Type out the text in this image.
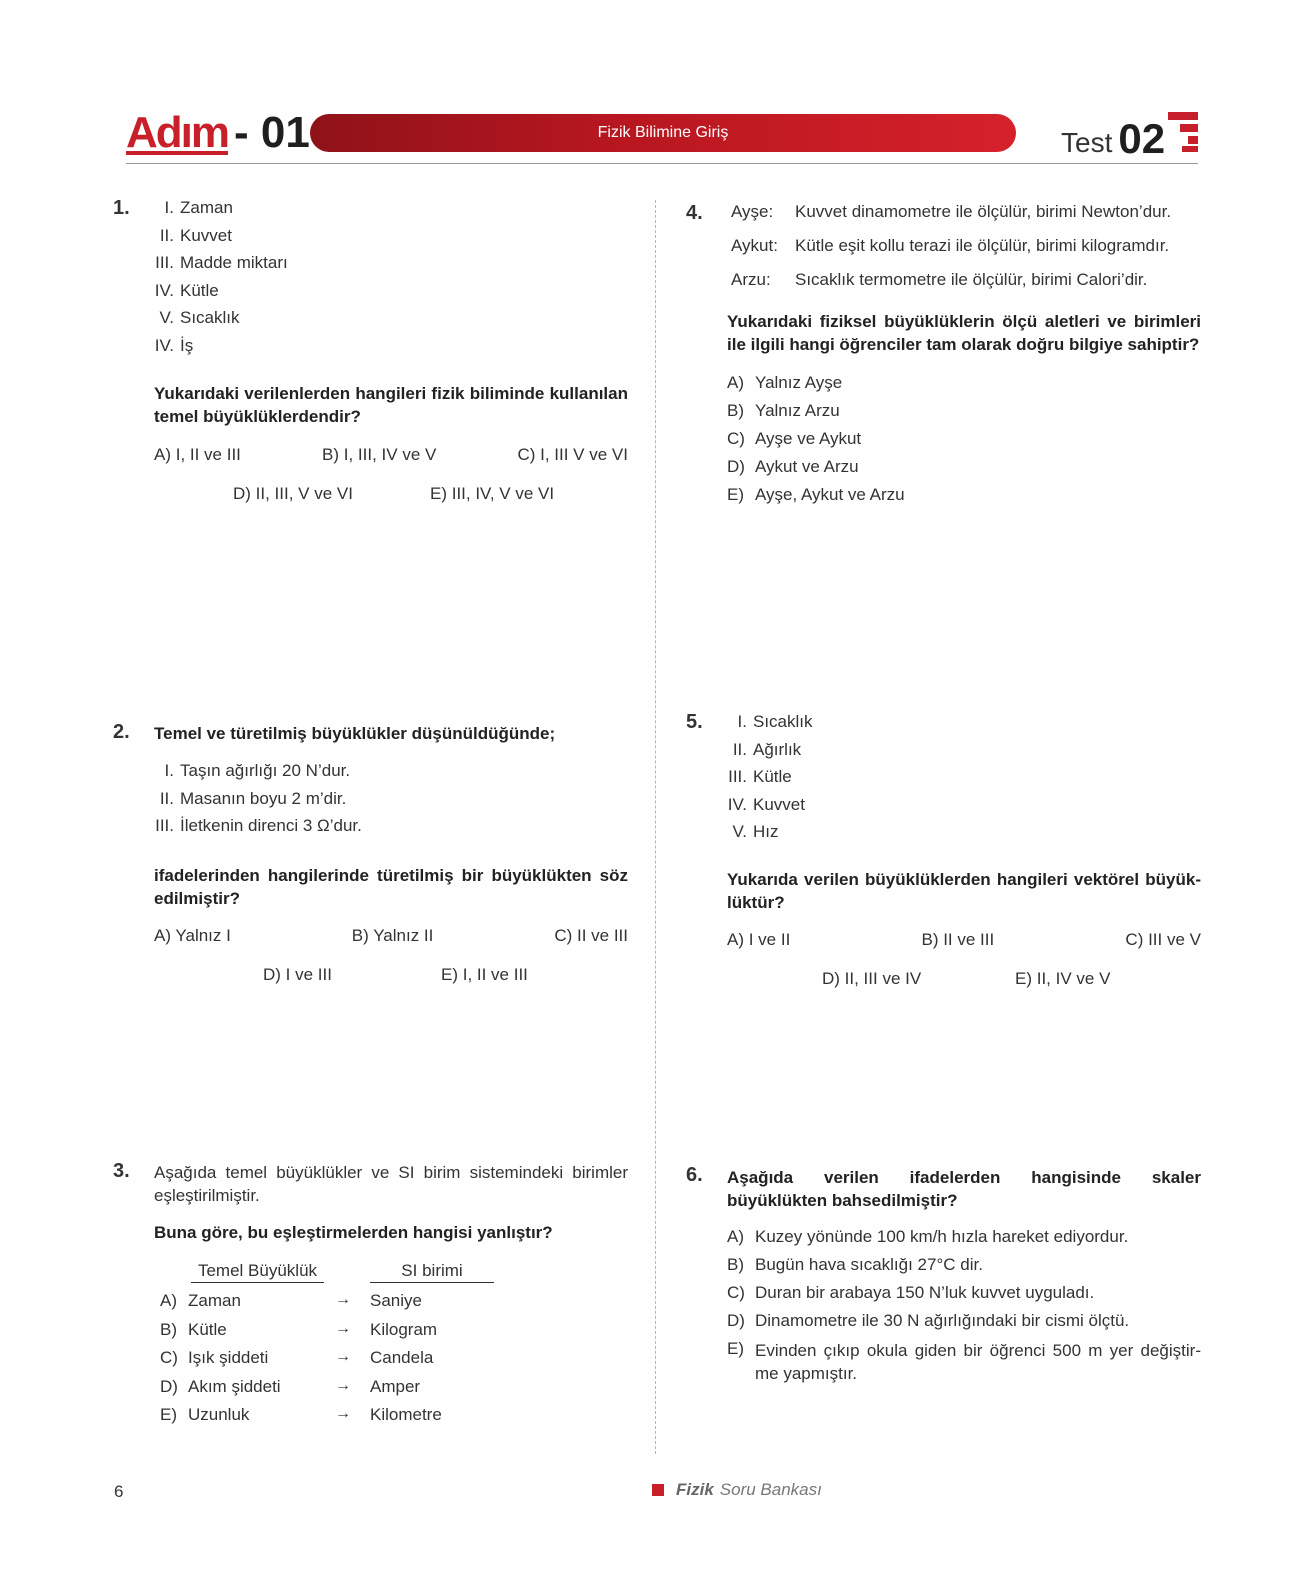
Adım - 01	Fizik Bilimine Giriş	Test 02
1.	I. Zaman
II. Kuvvet
III. Madde miktarı
IV. Kütle
V. Sıcaklık
IV. İş
Yukarıdaki verilenlerden hangileri fizik biliminde kullanılan temel büyüklüklerdendir?
A) I, II ve III	B) I, III, IV ve V	C) I, III V ve VI
D) II, III, V ve VI	E) III, IV, V ve VI
2. Temel ve türetilmiş büyüklükler düşünüldüğünde;
I. Taşın ağırlığı 20 N’dur.
II. Masanın boyu 2 m’dir.
III. İletkenin direnci 3 Ω’dur.
ifadelerinden hangilerinde türetilmiş bir büyüklükten söz edilmiştir?
A) Yalnız I	B) Yalnız II	C) II ve III
D) I ve III	E) I, II ve III
3. Aşağıda temel büyüklükler ve SI birim sistemindeki birimler eşleştirilmiştir.
Buna göre, bu eşleştirmelerden hangisi yanlıştır?
Temel Büyüklük	SI birimi
A) Zaman	→ Saniye
B) Kütle	→ Kilogram
C) Işık şiddeti	→ Candela
D) Akım şiddeti	→ Amper
E) Uzunluk	→ Kilometre
4. Ayşe: Kuvvet dinamometre ile ölçülür, birimi Newton’dur.
Aykut: Kütle eşit kollu terazi ile ölçülür, birimi kilogramdır.
Arzu: Sıcaklık termometre ile ölçülür, birimi Calori’dir.
Yukarıdaki fiziksel büyüklüklerin ölçü aletleri ve birimleri ile ilgili hangi öğrenciler tam olarak doğru bilgiye sahiptir?
A) Yalnız Ayşe
B) Yalnız Arzu
C) Ayşe ve Aykut
D) Aykut ve Arzu
E) Ayşe, Aykut ve Arzu
5.	I. Sıcaklık
II. Ağırlık
III. Kütle
IV. Kuvvet
V. Hız
Yukarıda verilen büyüklüklerden hangileri vektörel büyük-lüktür?
A) I ve II	B) II ve III	C) III ve V
D) II, III ve IV	E) II, IV ve V
6. Aşağıda verilen ifadelerden hangisinde skaler büyüklükten bahsedilmiştir?
A) Kuzey yönünde 100 km/h hızla hareket ediyordur.
B) Bugün hava sıcaklığı 27°C dir.
C) Duran bir arabaya 150 N’luk kuvvet uyguladı.
D) Dinamometre ile 30 N ağırlığındaki bir cismi ölçtü.
E) Evinden çıkıp okula giden bir öğrenci 500 m yer değiştir-me yapmıştır.
6	Fizik Soru Bankası
